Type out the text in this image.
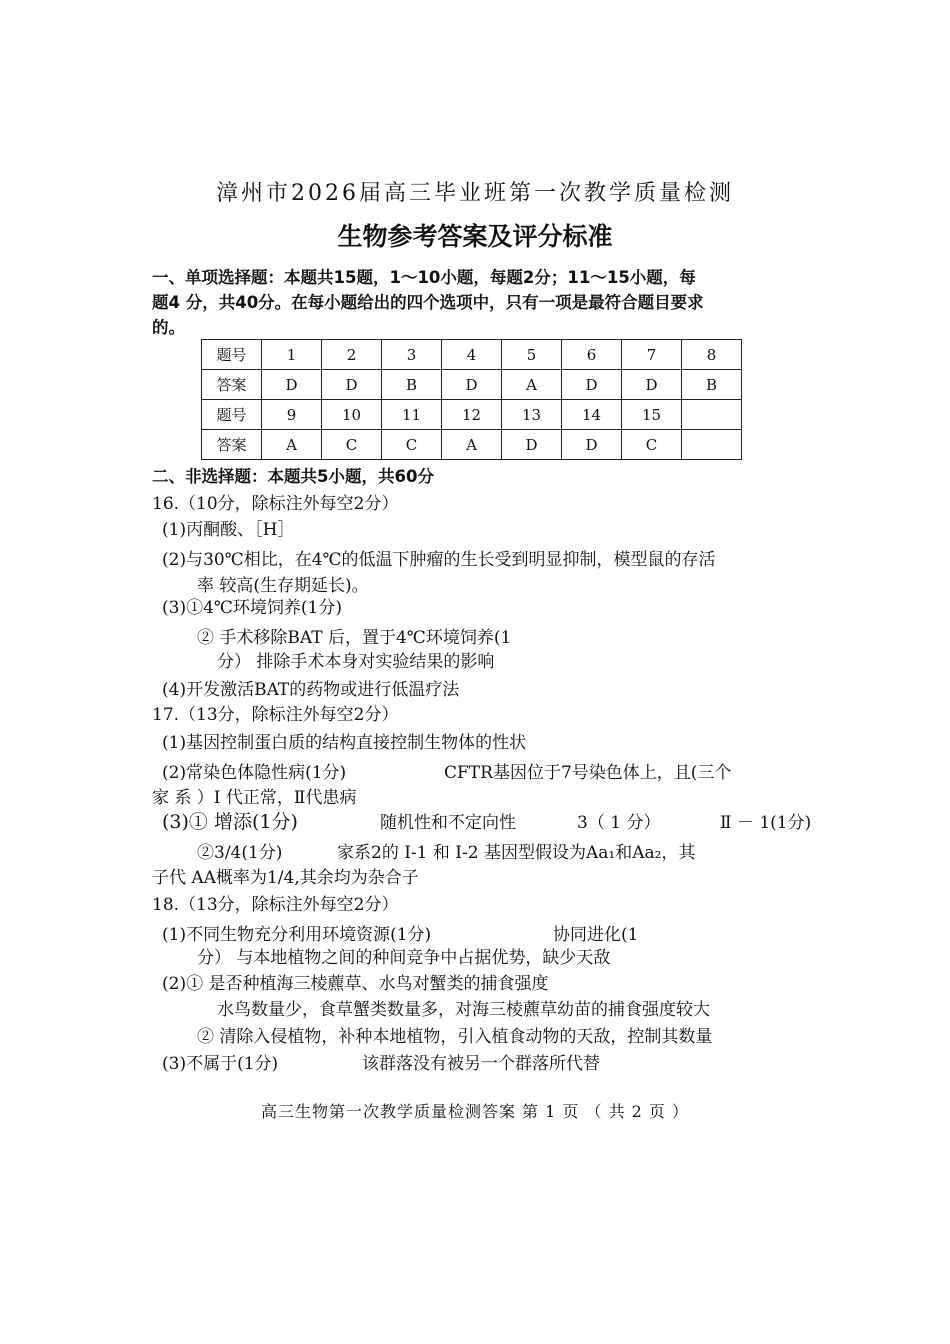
漳州市2026届高三毕业班第一次教学质量检测
生物参考答案及评分标准
一、单项选择题：本题共15题，1～10小题，每题2分；11～15小题，每
题4 分，共40分。在每小题给出的四个选项中，只有一项是最符合题目要求
的。
题号	1	2	3	4	5	6	7	8
答案	D	D	B	D	A	D	D	B
题号	9	10	11	12	13	14	15	
答案	A	C	C	A	D	D	C	
二、非选择题：本题共5小题，共60分
16.（10分，除标注外每空2分）
(1)丙酮酸、［H］
(2)与30℃相比，在4℃的低温下肿瘤的生长受到明显抑制，模型鼠的存活
率 较高(生存期延长)。
(3)①4℃环境饲养(1分)
② 手术移除BAT 后，置于4℃环境饲养(1
分） 排除手术本身对实验结果的影响
(4)开发激活BAT的药物或进行低温疗法
17.（13分，除标注外每空2分）
(1)基因控制蛋白质的结构直接控制生物体的性状
(2)常染色体隐性病(1分)	CFTR基因位于7号染色体上，且(三个
家 系 ）Ⅰ 代正常，Ⅱ代患病
(3)① 增添(1分)	随机性和不定向性	3（ 1 分）	Ⅱ － 1(1分)
②3/4(1分)	家系2的 I-1 和 I-2 基因型假设为Aa₁和Aa₂，其
子代 AA概率为1/4,其余均为杂合子
18.（13分，除标注外每空2分）
(1)不同生物充分利用环境资源(1分)	协同进化(1
分） 与本地植物之间的种间竞争中占据优势，缺少天敌
(2)① 是否种植海三棱藨草、水鸟对蟹类的捕食强度
水鸟数量少，食草蟹类数量多，对海三棱藨草幼苗的捕食强度较大
② 清除入侵植物，补种本地植物，引入植食动物的天敌，控制其数量
(3)不属于(1分)	该群落没有被另一个群落所代替
高三生物第一次教学质量检测答案 第 1 页 （ 共 2 页 ）
